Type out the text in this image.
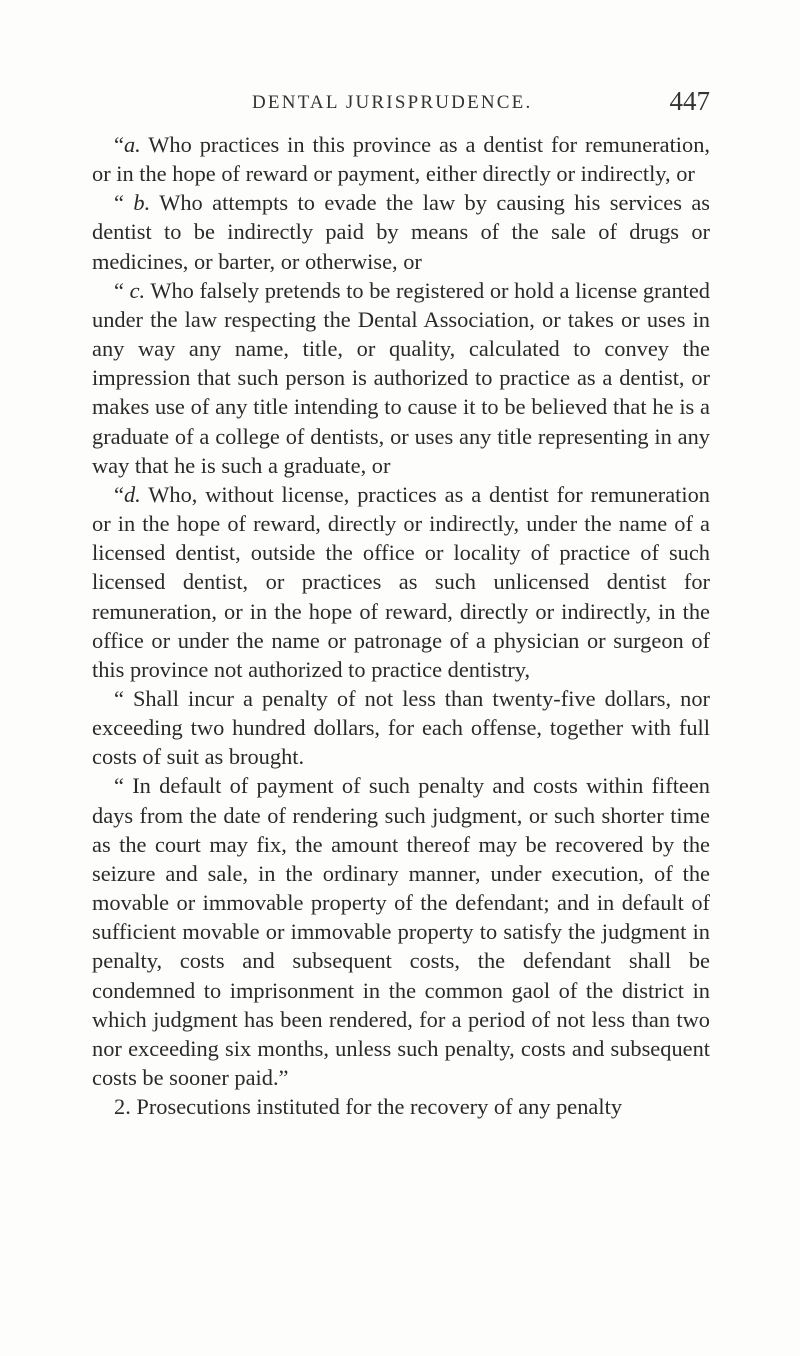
DENTAL JURISPRUDENCE.	447

“a. Who practices in this province as a dentist for remuneration, or in the hope of reward or payment, either directly or indirectly, or

“ b. Who attempts to evade the law by causing his services as dentist to be indirectly paid by means of the sale of drugs or medicines, or barter, or otherwise, or

“ c. Who falsely pretends to be registered or hold a license granted under the law respecting the Dental Association, or takes or uses in any way any name, title, or quality, calculated to convey the impression that such person is authorized to practice as a dentist, or makes use of any title intending to cause it to be believed that he is a graduate of a college of dentists, or uses any title representing in any way that he is such a graduate, or

“d. Who, without license, practices as a dentist for remuneration or in the hope of reward, directly or indirectly, under the name of a licensed dentist, outside the office or locality of practice of such licensed dentist, or practices as such unlicensed dentist for remuneration, or in the hope of reward, directly or indirectly, in the office or under the name or patronage of a physician or surgeon of this province not authorized to practice dentistry,

“ Shall incur a penalty of not less than twenty-five dollars, nor exceeding two hundred dollars, for each offense, together with full costs of suit as brought.

“ In default of payment of such penalty and costs within fifteen days from the date of rendering such judgment, or such shorter time as the court may fix, the amount thereof may be recovered by the seizure and sale, in the ordinary manner, under execution, of the movable or immovable property of the defendant; and in default of sufficient movable or immovable property to satisfy the judgment in penalty, costs and subsequent costs, the defendant shall be condemned to imprisonment in the common gaol of the district in which judgment has been rendered, for a period of not less than two nor exceeding six months, unless such penalty, costs and subsequent costs be sooner paid.”

2. Prosecutions instituted for the recovery of any penalty
